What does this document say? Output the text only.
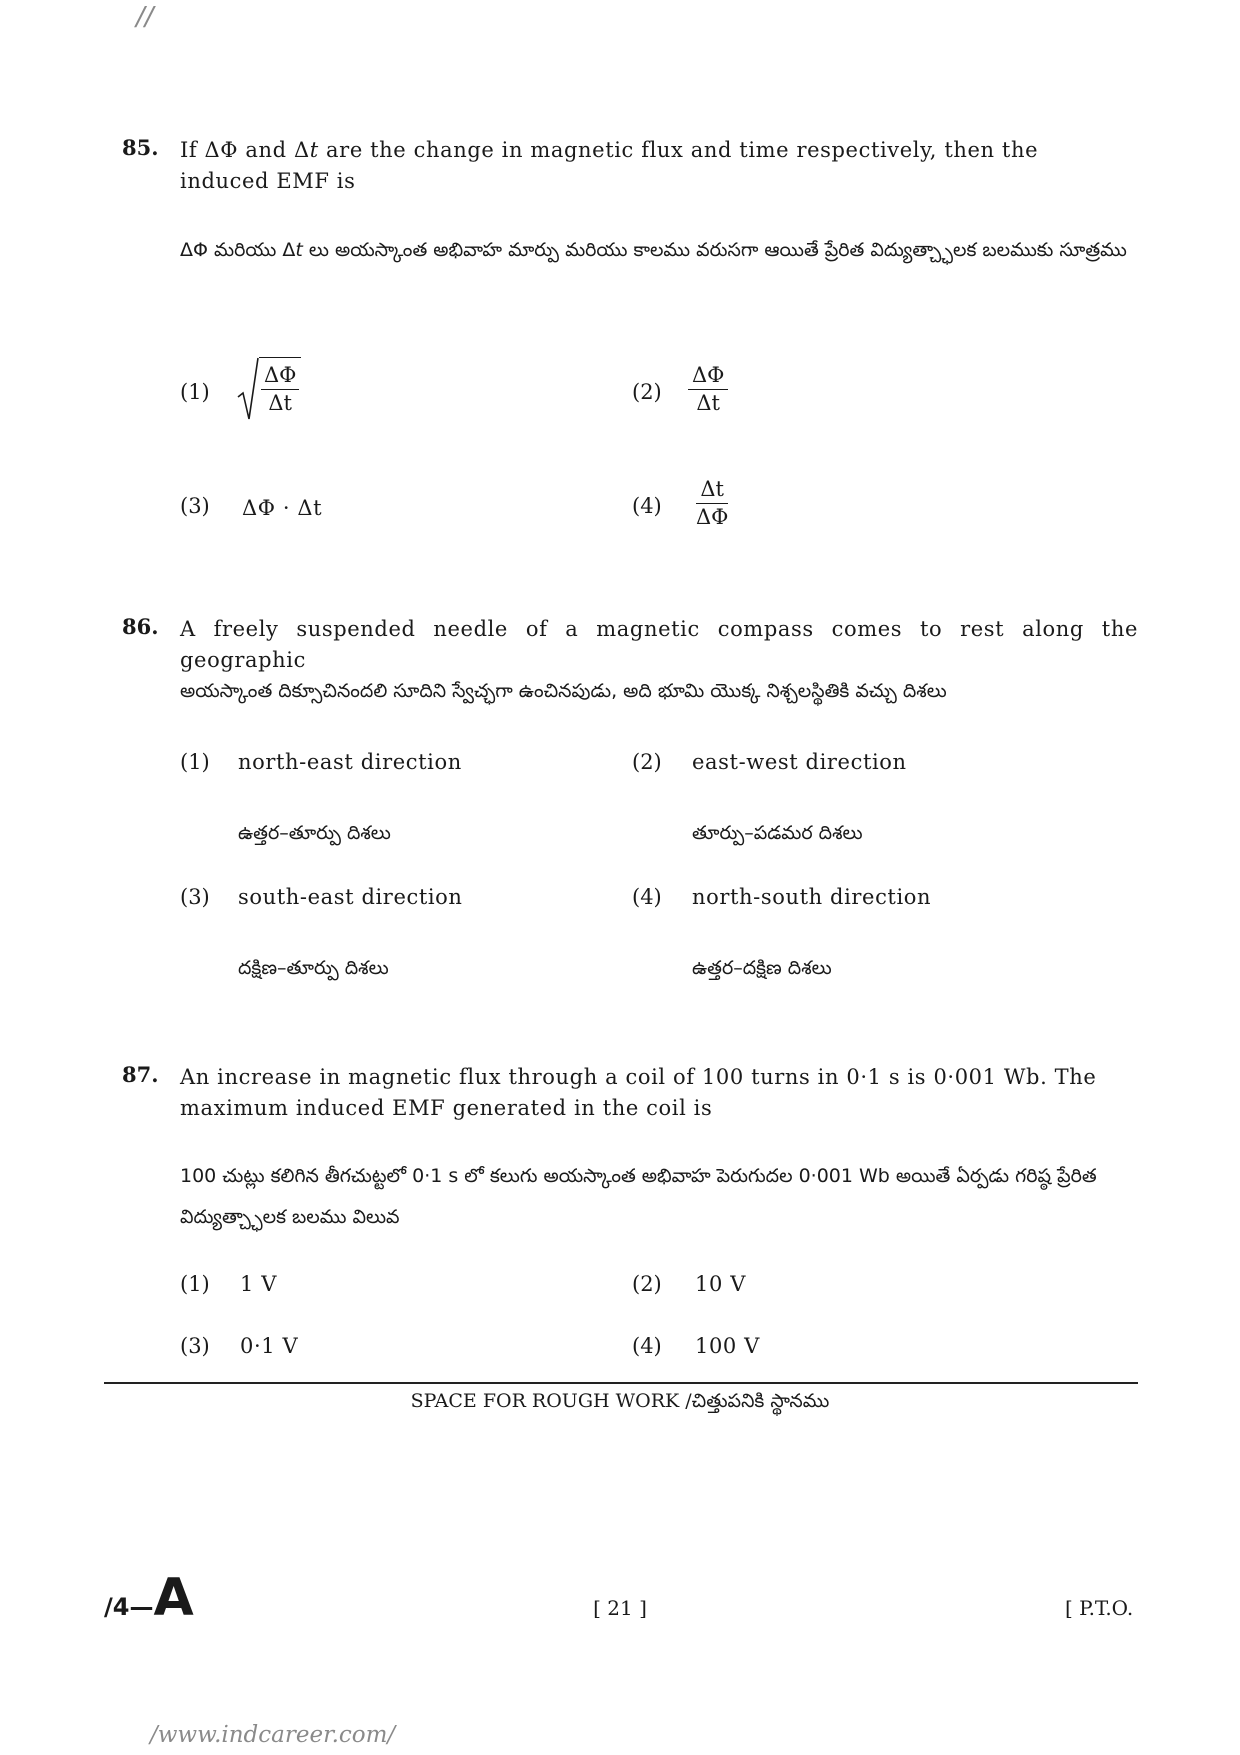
//
85. If ΔΦ and Δt are the change in magnetic flux and time respectively, then the
induced EMF is
ΔΦ మరియు Δt లు అయస్కాంత అభివాహ మార్పు మరియు కాలము వరుసగా ఆయితే ప్రేరిత విద్యుత్చ్ఛాలక బలముకు సూత్రము
$(1) \frac{\Delta\Phi}{\Delta t}$	$(2) \frac{\Delta\Phi}{\Delta t}$
(3) ΔΦ · Δt	$(4) \frac{\Delta t}{\Delta\Phi}$
86. A freely suspended needle of a magnetic compass comes to rest along the geographic
అయస్కాంత దిక్సూచినందలి సూదిని స్వేచ్ఛగా ఉంచినపుడు, అది భూమి యొక్క నిశ్చలస్థితికి వచ్చు దిశలు
(1) north-east direction
ఉత్తర–తూర్పు దిశలు
(2) east-west direction
తూర్పు–పడమర దిశలు
(3) south-east direction
దక్షిణ–తూర్పు దిశలు
(4) north-south direction
ఉత్తర–దక్షిణ దిశలు
87. An increase in magnetic flux through a coil of 100 turns in 0·1 s is 0·001 Wb. The
maximum induced EMF generated in the coil is
100 చుట్లు కలిగిన తీగచుట్టలో 0·1 s లో కలుగు అయస్కాంత అభివాహ పెరుగుదల 0·001 Wb అయితే ఏర్పడు గరిష్ఠ ప్రేరిత విద్యుత్చ్ఛాలక బలము విలువ
(1) 1 V	(2) 10 V
(3) 0·1 V	(4) 100 V
SPACE FOR ROUGH WORK /చిత్తుపనికి స్థానము
/4—A	[ 21 ]	[ P.T.O.
/www.indcareer.com/
